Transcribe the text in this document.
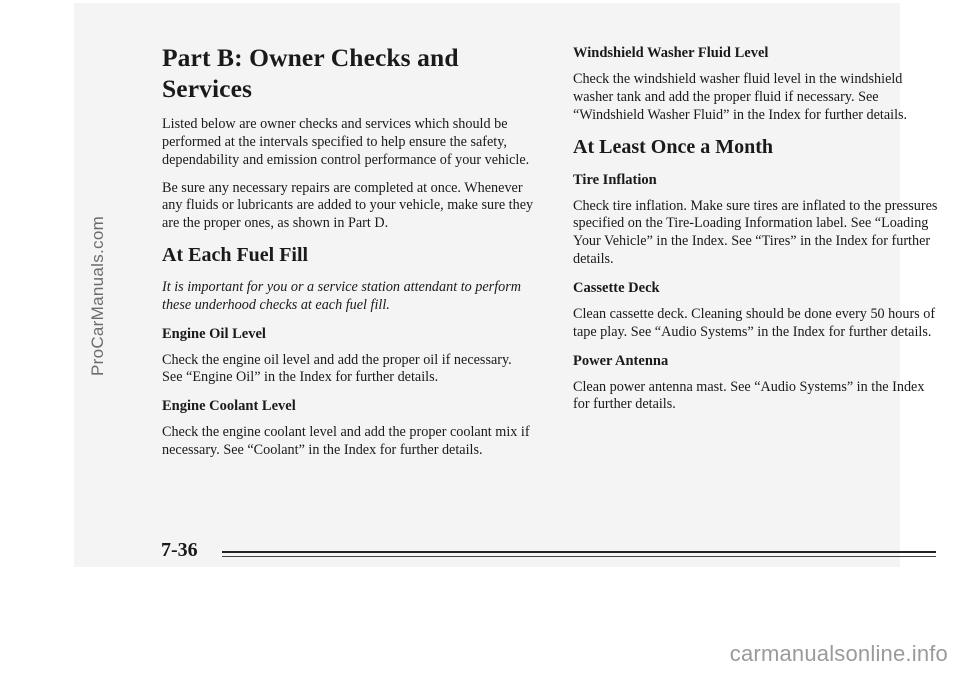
Part B: Owner Checks and Services

Listed below are owner checks and services which should be performed at the intervals specified to help ensure the safety, dependability and emission control performance of your vehicle.

Be sure any necessary repairs are completed at once. Whenever any fluids or lubricants are added to your vehicle, make sure they are the proper ones, as shown in Part D.

At Each Fuel Fill

It is important for you or a service station attendant to perform these underhood checks at each fuel fill.

Engine Oil Level

Check the engine oil level and add the proper oil if necessary. See “Engine Oil” in the Index for further details.

Engine Coolant Level

Check the engine coolant level and add the proper coolant mix if necessary. See “Coolant” in the Index for further details.

Windshield Washer Fluid Level

Check the windshield washer fluid level in the windshield washer tank and add the proper fluid if necessary. See “Windshield Washer Fluid” in the Index for further details.

At Least Once a Month
Tire Inflation

Check tire inflation. Make sure tires are inflated to the pressures specified on the Tire-Loading Information label. See “Loading Your Vehicle” in the Index. See “Tires” in the Index for further details.

Cassette Deck

Clean cassette deck. Cleaning should be done every 50 hours of tape play. See “Audio Systems” in the Index for further details.

Power Antenna

Clean power antenna mast. See “Audio Systems” in the Index for further details.

7-36
ProCarManuals.com
carmanualsonline.info
